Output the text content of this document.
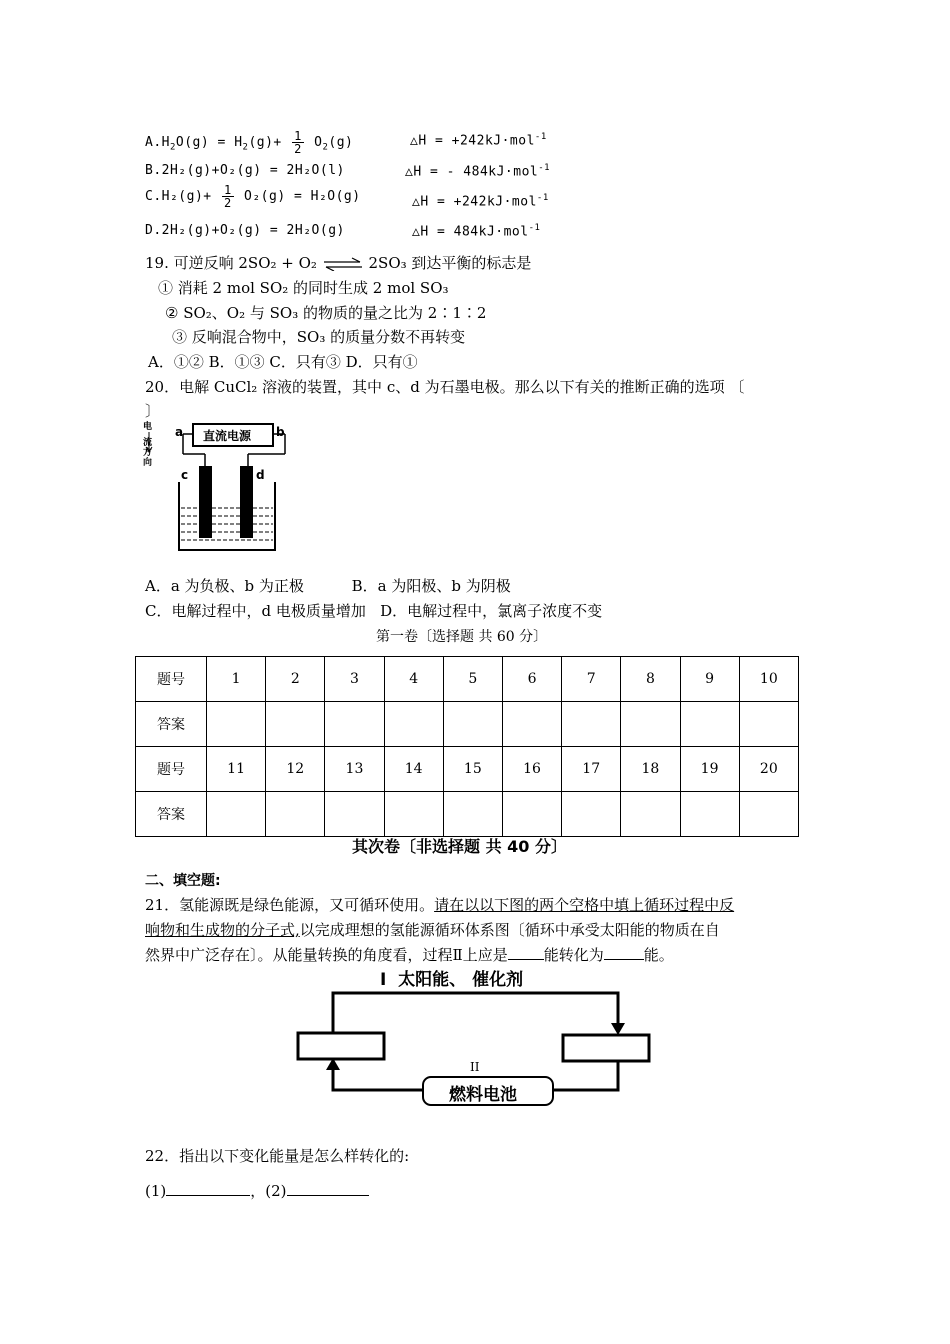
$A.H_2O(g) = H_2(g)+ \frac{1}{2} O_2(g)$	△H = +242kJ·mol$^{-1}$
B.2H₂(g)+O₂(g) = 2H₂O(l)	△H = - 484kJ·mol$^{-1}$
$C.H_2(g)+ \frac{1}{2} O_2(g) = H_2O(g)$	△H = +242kJ·mol$^{-1}$
D.2H₂(g)+O₂(g) = 2H₂O(g)	△H = 484kJ·mol$^{-1}$
19. 可逆反响 2SO₂ + O₂ ⇌ 2SO₃ 到达平衡的标志是
① 消耗 2 mol SO₂ 的同时生成 2 mol SO₃
② SO₂、O₂ 与 SO₃ 的物质的量之比为 2∶1∶2
③ 反响混合物中，SO₃ 的质量分数不再转变
A．①② B．①③ C．只有③ D．只有①
20．电解 CuCl₂ 溶液的装置，其中 c、d 为石墨电极。那么以下有关的推断正确的选项 〔
〕
直流电源
a	b
c	d
电
流
方
向
A．a 为负极、b 为正极          B．a 为阳极、b 为阴极
C．电解过程中，d 电极质量增加   D．电解过程中，氯离子浓度不变
第一卷〔选择题 共 60 分〕
题号	1	2	3	4	5	6	7	8	9	10
答案										
题号	11	12	13	14	15	16	17	18	19	20
答案										
其次卷〔非选择题 共 40 分〕
二、填空题:
21．氢能源既是绿色能源，又可循环使用。请在以以下图的两个空格中填上循环过程中反
响物和生成物的分子式,以完成理想的氢能源循环体系图〔循环中承受太阳能的物质在自
然界中广泛存在〕。从能量转换的角度看，过程Ⅱ上应是 能转化为	能。
I  太阳能、 催化剂
II
燃料电池
22．指出以下变化能量是怎么样转化的:
(1)	，(2)
